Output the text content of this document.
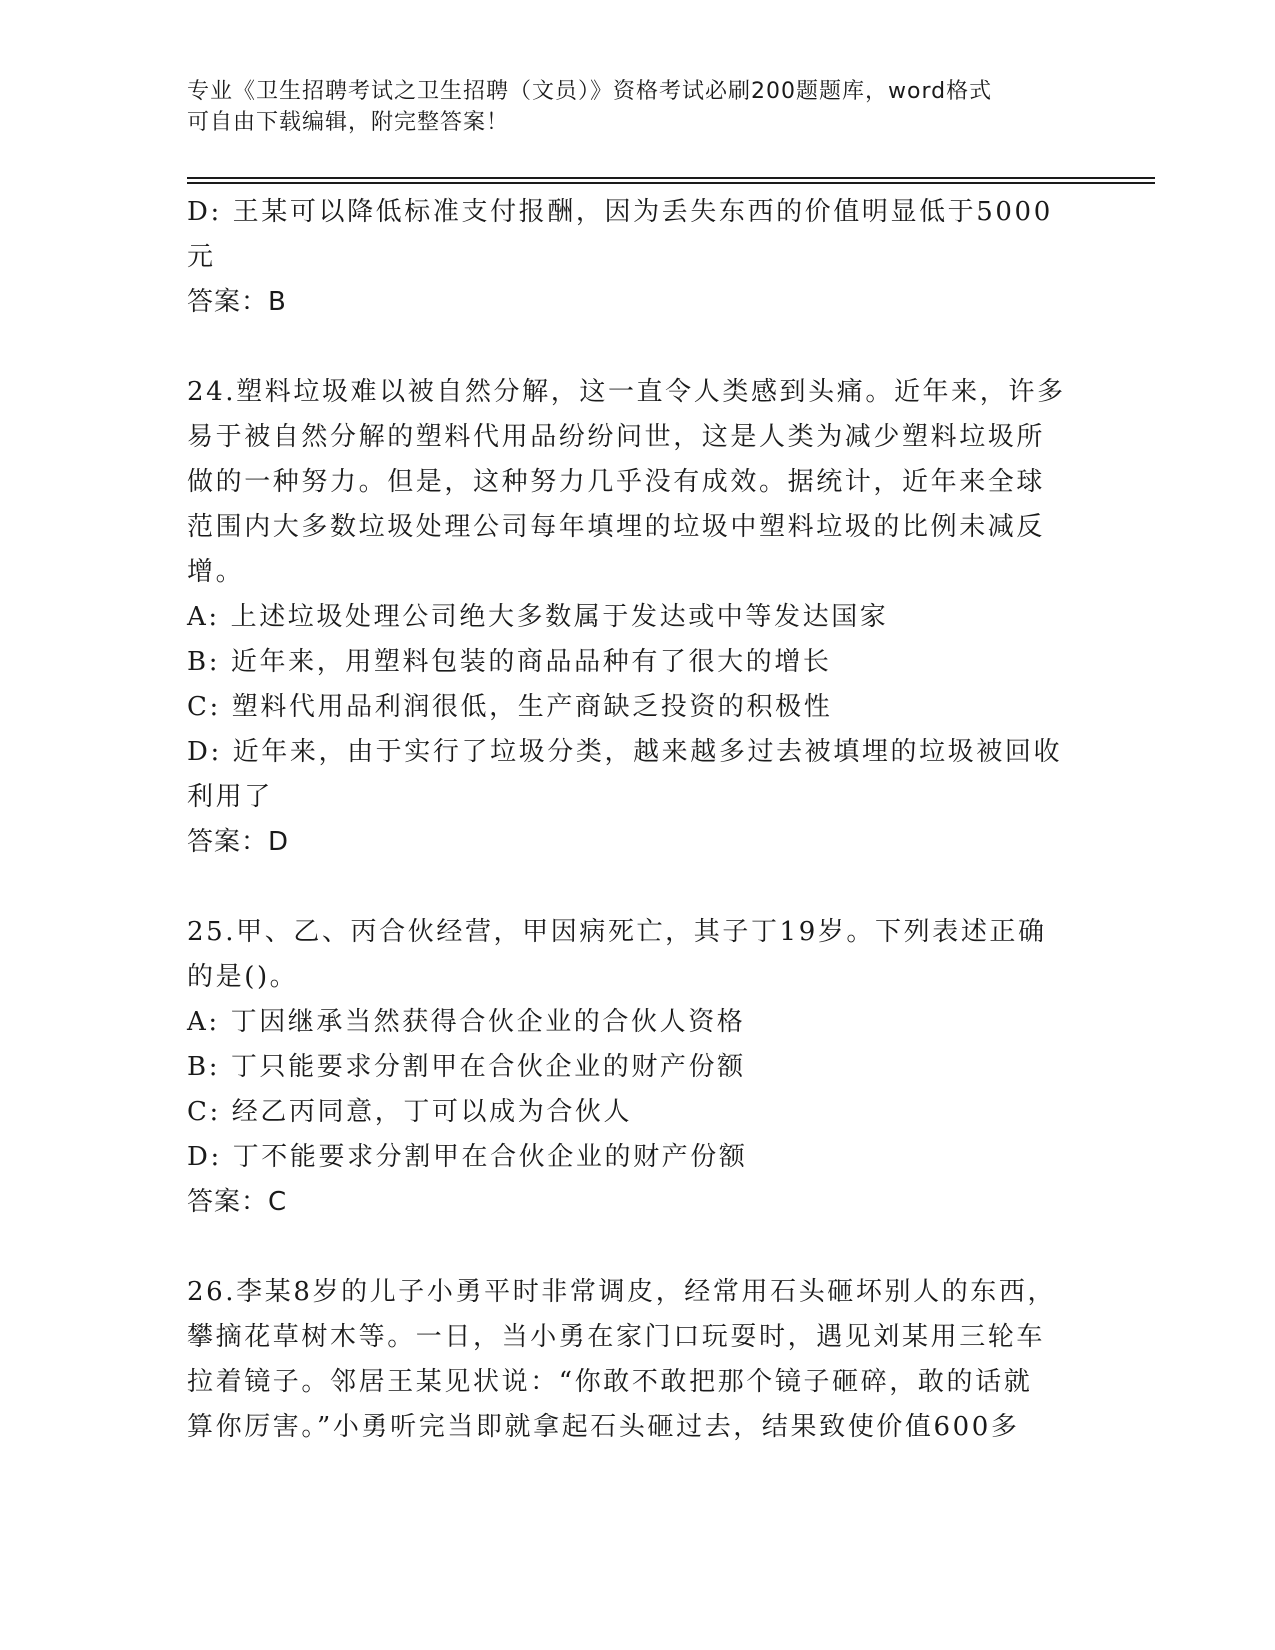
专业《卫生招聘考试之卫生招聘（文员）》资格考试必刷200题题库，word格式
可自由下载编辑，附完整答案！
D: 王某可以降低标准支付报酬，因为丢失东西的价值明显低于5000
元
答案：B
24.塑料垃圾难以被自然分解，这一直令人类感到头痛。近年来，许多
易于被自然分解的塑料代用品纷纷问世，这是人类为减少塑料垃圾所
做的一种努力。但是，这种努力几乎没有成效。据统计，近年来全球
范围内大多数垃圾处理公司每年填埋的垃圾中塑料垃圾的比例未减反
增。
A: 上述垃圾处理公司绝大多数属于发达或中等发达国家
B: 近年来，用塑料包装的商品品种有了很大的增长
C: 塑料代用品利润很低，生产商缺乏投资的积极性
D: 近年来，由于实行了垃圾分类，越来越多过去被填埋的垃圾被回收
利用了
答案：D
25.甲、乙、丙合伙经营，甲因病死亡，其子丁19岁。下列表述正确
的是()。
A: 丁因继承当然获得合伙企业的合伙人资格
B: 丁只能要求分割甲在合伙企业的财产份额
C: 经乙丙同意，丁可以成为合伙人
D: 丁不能要求分割甲在合伙企业的财产份额
答案：C
26.李某8岁的儿子小勇平时非常调皮，经常用石头砸坏别人的东西，
攀摘花草树木等。一日，当小勇在家门口玩耍时，遇见刘某用三轮车
拉着镜子。邻居王某见状说：“你敢不敢把那个镜子砸碎，敢的话就
算你厉害。”小勇听完当即就拿起石头砸过去，结果致使价值600多
